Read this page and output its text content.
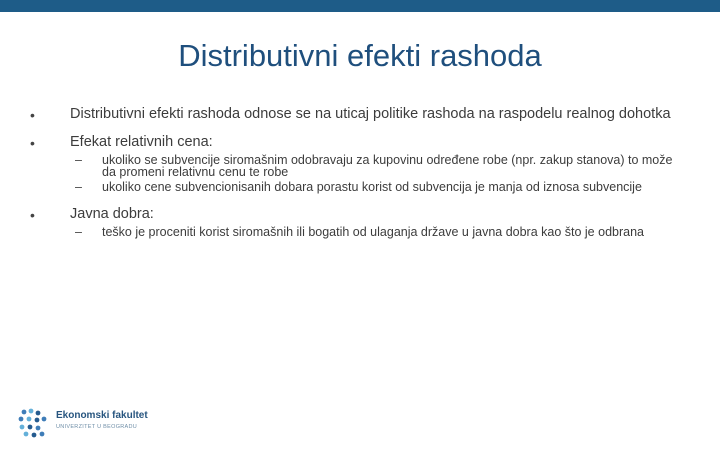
Distributivni efekti rashoda
• Distributivni efekti rashoda odnose se na uticaj politike rashoda na raspodelu realnog dohotka
• Efekat relativnih cena:
– ukoliko se subvencije siromašnim odobravaju za kupovinu određene robe (npr. zakup stanova) to može da promeni relativnu cenu te robe
– ukoliko cene subvencionisanih dobara porastu korist od subvencija je manja od iznosa subvencije
• Javna dobra:
– teško je proceniti korist siromašnih ili bogatih od ulaganja države u javna dobra kao što je odbrana
Ekonomski fakultet
UNIVERZITET U BEOGRADU
